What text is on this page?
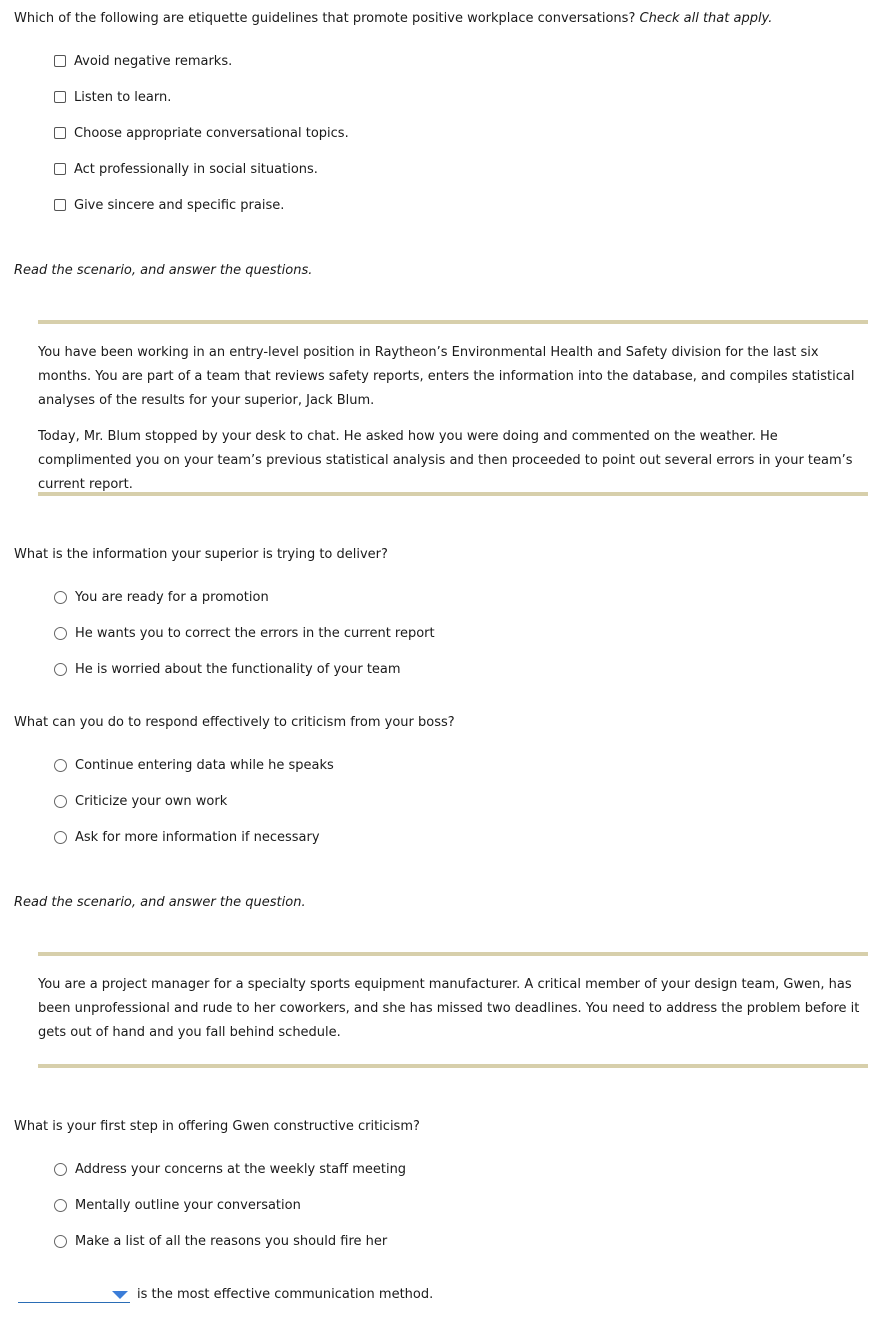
Which of the following are etiquette guidelines that promote positive workplace conversations? Check all that apply.
Avoid negative remarks.
Listen to learn.
Choose appropriate conversational topics.
Act professionally in social situations.
Give sincere and specific praise.
Read the scenario, and answer the questions.
You have been working in an entry-level position in Raytheon’s Environmental Health and Safety division for the last six months. You are part of a team that reviews safety reports, enters the information into the database, and compiles statistical analyses of the results for your superior, Jack Blum.
Today, Mr. Blum stopped by your desk to chat. He asked how you were doing and commented on the weather. He complimented you on your team’s previous statistical analysis and then proceeded to point out several errors in your team’s current report.
What is the information your superior is trying to deliver?
You are ready for a promotion
He wants you to correct the errors in the current report
He is worried about the functionality of your team
What can you do to respond effectively to criticism from your boss?
Continue entering data while he speaks
Criticize your own work
Ask for more information if necessary
Read the scenario, and answer the question.
You are a project manager for a specialty sports equipment manufacturer. A critical member of your design team, Gwen, has been unprofessional and rude to her coworkers, and she has missed two deadlines. You need to address the problem before it gets out of hand and you fall behind schedule.
What is your first step in offering Gwen constructive criticism?
Address your concerns at the weekly staff meeting
Mentally outline your conversation
Make a list of all the reasons you should fire her
is the most effective communication method.
